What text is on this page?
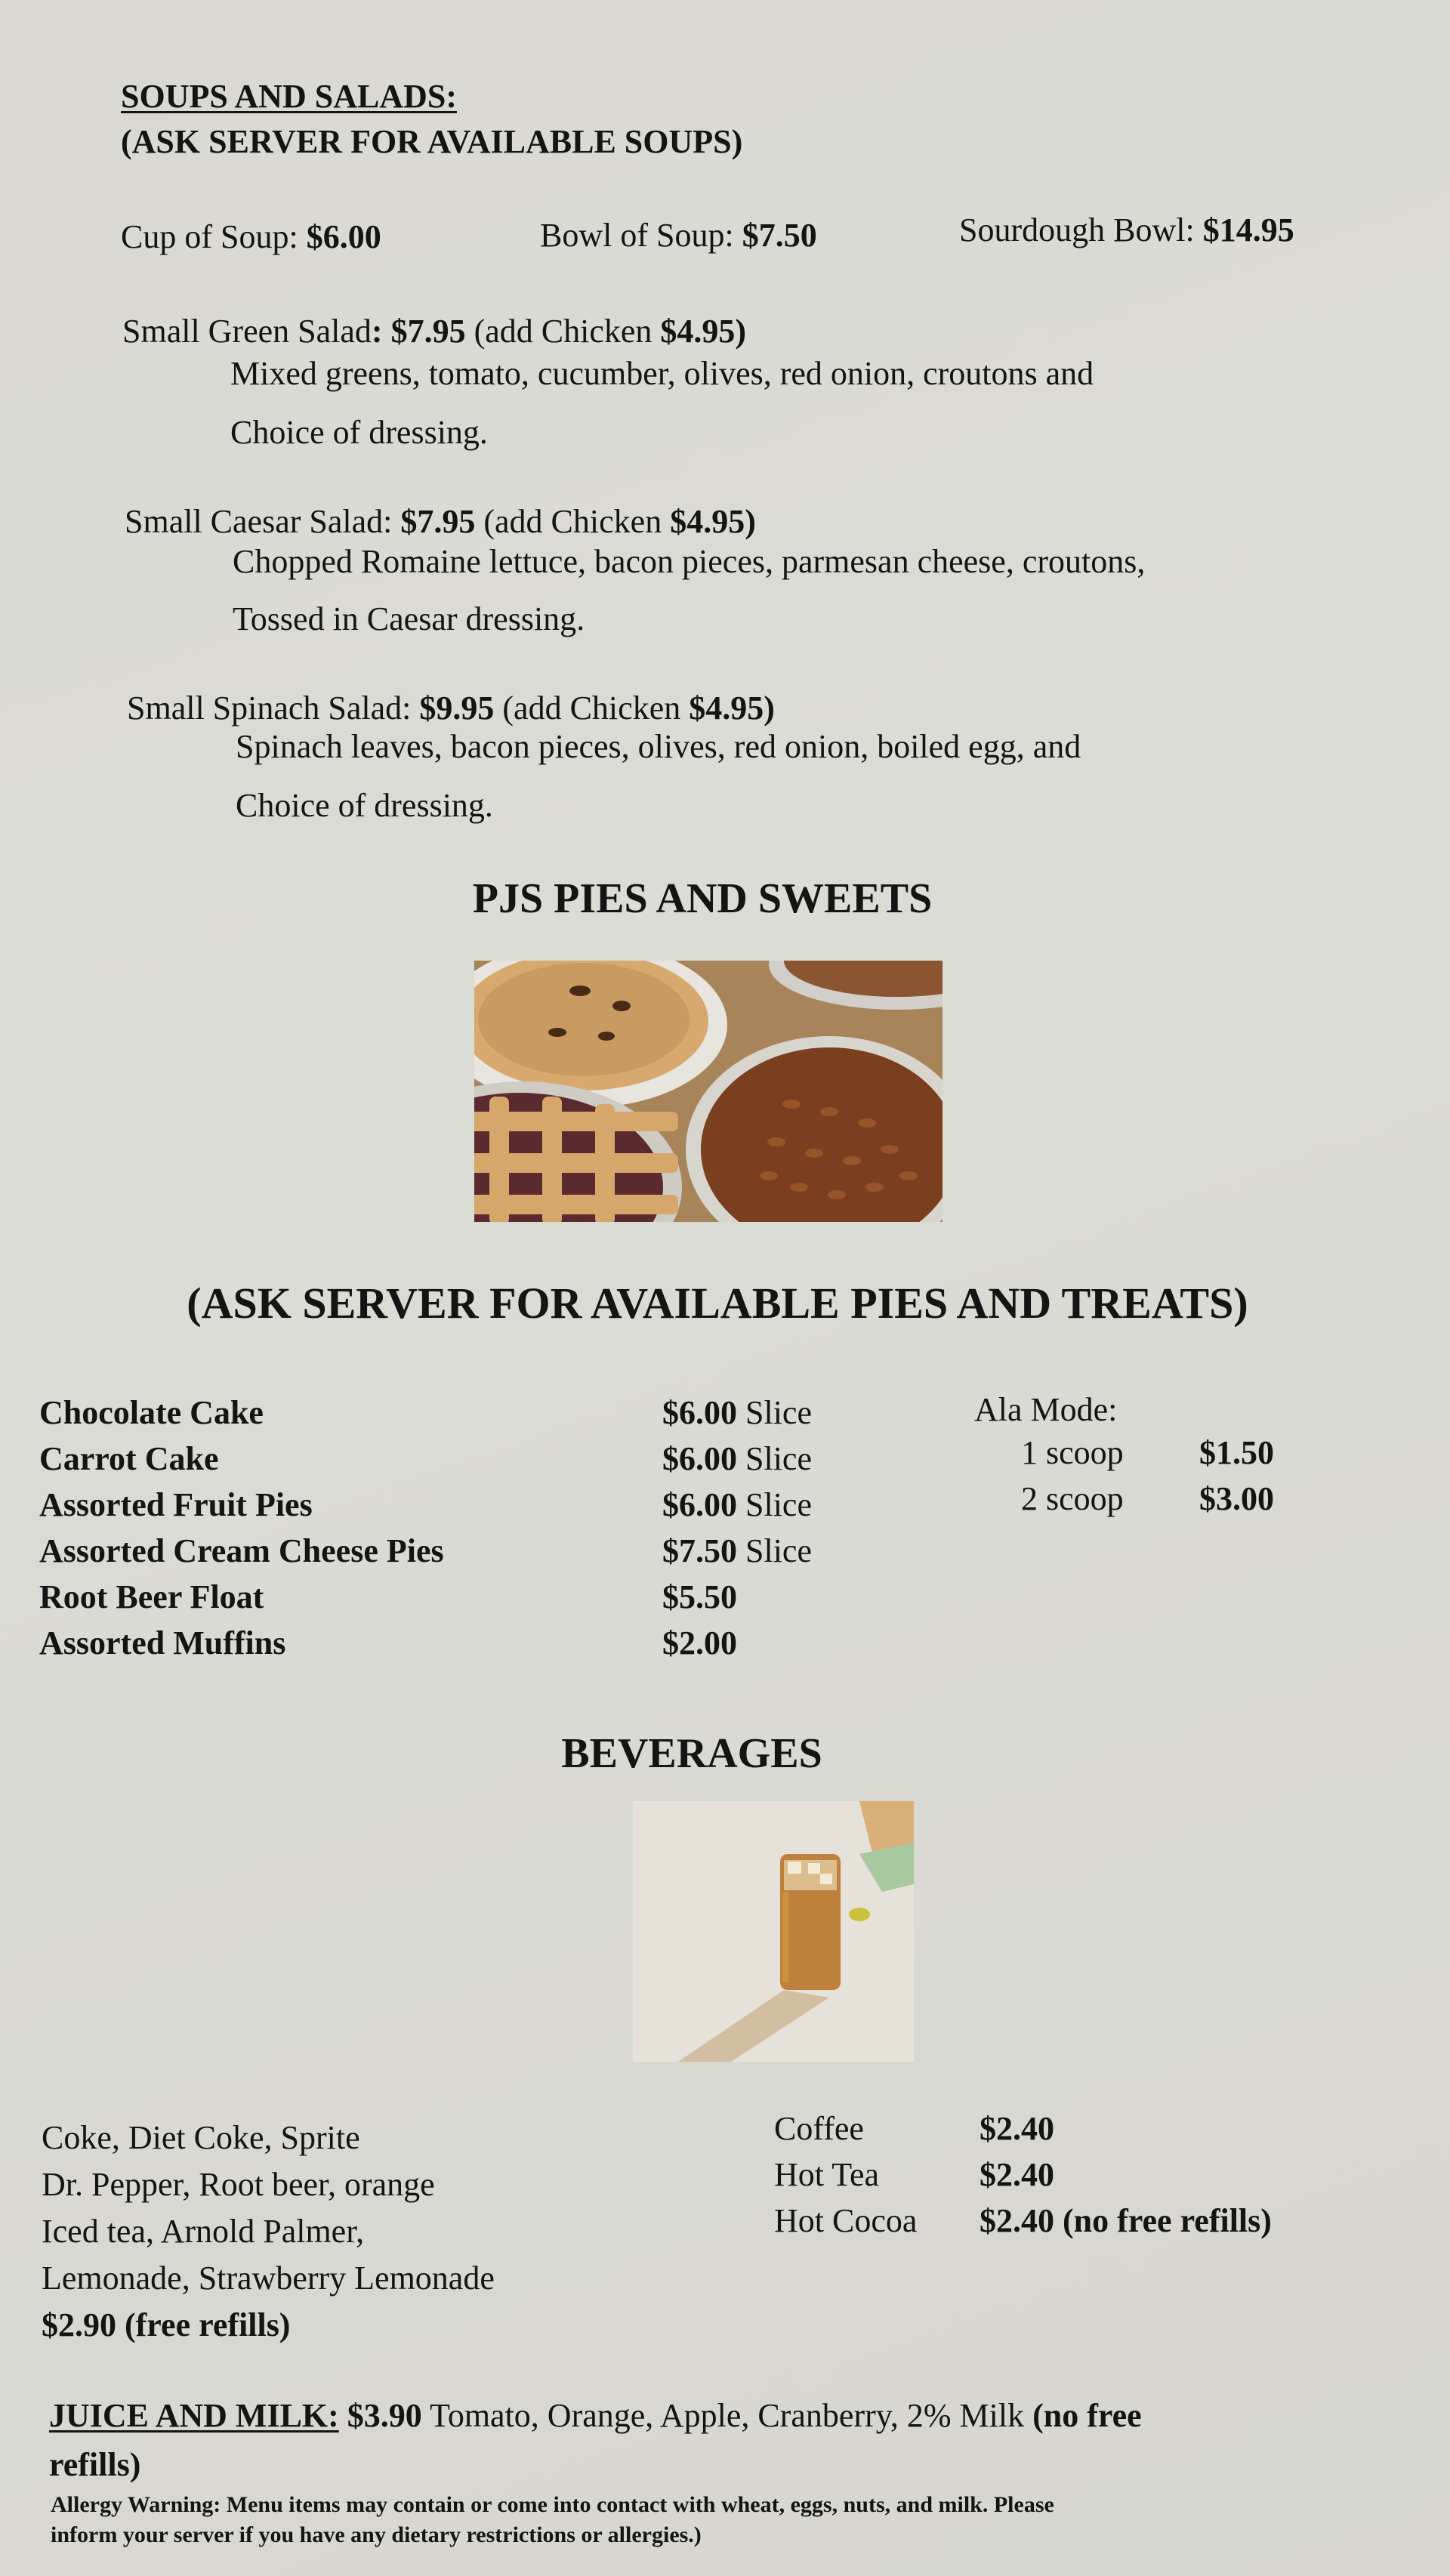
SOUPS AND SALADS:
(ASK SERVER FOR AVAILABLE SOUPS)
Cup of Soup: $6.00	Bowl of Soup: $7.50	Sourdough Bowl: $14.95
Small Green Salad: $7.95 (add Chicken $4.95)
Mixed greens, tomato, cucumber, olives, red onion, croutons and
Choice of dressing.
Small Caesar Salad: $7.95 (add Chicken $4.95)
Chopped Romaine lettuce, bacon pieces, parmesan cheese, croutons,
Tossed in Caesar dressing.
Small Spinach Salad: $9.95 (add Chicken $4.95)
Spinach leaves, bacon pieces, olives, red onion, boiled egg, and
Choice of dressing.
PJS PIES AND SWEETS
(ASK SERVER FOR AVAILABLE PIES AND TREATS)
Chocolate Cake	$6.00 Slice
Carrot Cake	$6.00 Slice
Assorted Fruit Pies	$6.00 Slice
Assorted Cream Cheese Pies	$7.50 Slice
Root Beer Float	$5.50
Assorted Muffins	$2.00
Ala Mode:
1 scoop	$1.50
2 scoop	$3.00
BEVERAGES
Coke, Diet Coke, Sprite
Dr. Pepper, Root beer, orange
Iced tea, Arnold Palmer,
Lemonade, Strawberry Lemonade
$2.90 (free refills)
Coffee	$2.40
Hot Tea	$2.40
Hot Cocoa	$2.40 (no free refills)
JUICE AND MILK: $3.90 Tomato, Orange, Apple, Cranberry, 2% Milk (no free
refills)
Allergy Warning: Menu items may contain or come into contact with wheat, eggs, nuts, and milk. Please
inform your server if you have any dietary restrictions or allergies.)
